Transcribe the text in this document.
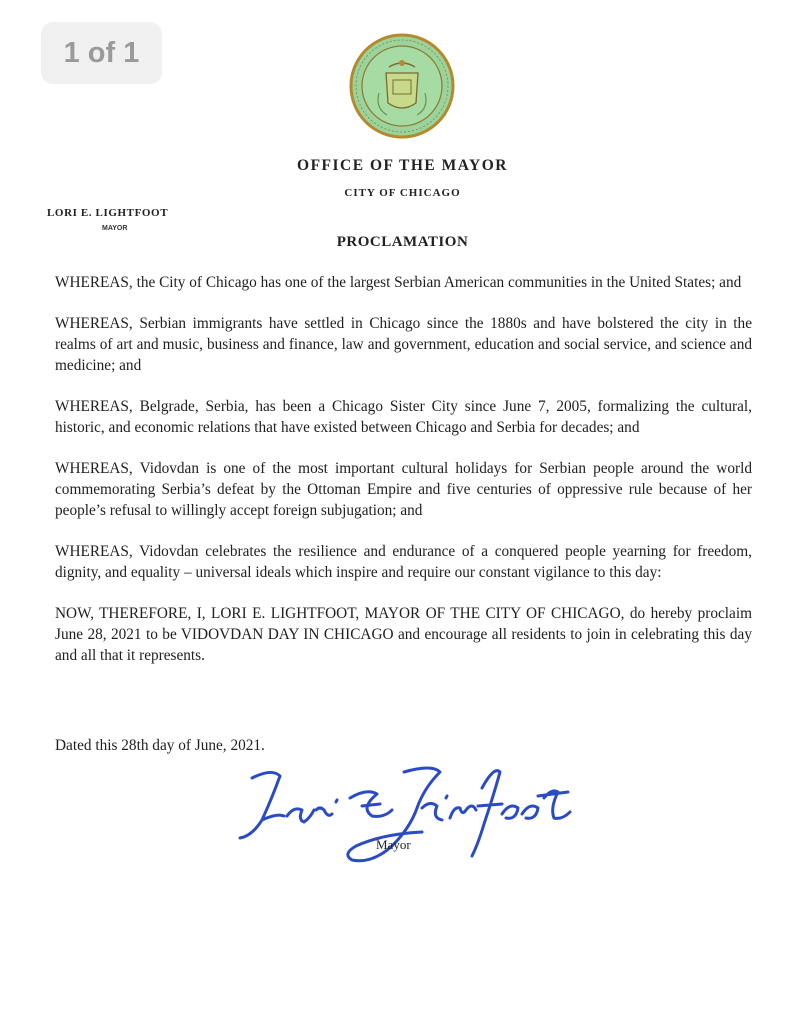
1 of 1
OFFICE OF THE MAYOR
CITY OF CHICAGO
LORI E. LIGHTFOOT
MAYOR
PROCLAMATION

WHEREAS, the City of Chicago has one of the largest Serbian American communities in the United States; and

WHEREAS, Serbian immigrants have settled in Chicago since the 1880s and have bolstered the city in the realms of art and music, business and finance, law and government, education and social service, and science and medicine; and

WHEREAS, Belgrade, Serbia, has been a Chicago Sister City since June 7, 2005, formalizing the cultural, historic, and economic relations that have existed between Chicago and Serbia for decades; and

WHEREAS, Vidovdan is one of the most important cultural holidays for Serbian people around the world commemorating Serbia’s defeat by the Ottoman Empire and five centuries of oppressive rule because of her people’s refusal to willingly accept foreign subjugation; and

WHEREAS, Vidovdan celebrates the resilience and endurance of a conquered people yearning for freedom, dignity, and equality – universal ideals which inspire and require our constant vigilance to this day:

NOW, THEREFORE, I, LORI E. LIGHTFOOT, MAYOR OF THE CITY OF CHICAGO, do hereby proclaim June 28, 2021 to be VIDOVDAN DAY IN CHICAGO and encourage all residents to join in celebrating this day and all that it represents.

Dated this 28th day of June, 2021.
Mayor
